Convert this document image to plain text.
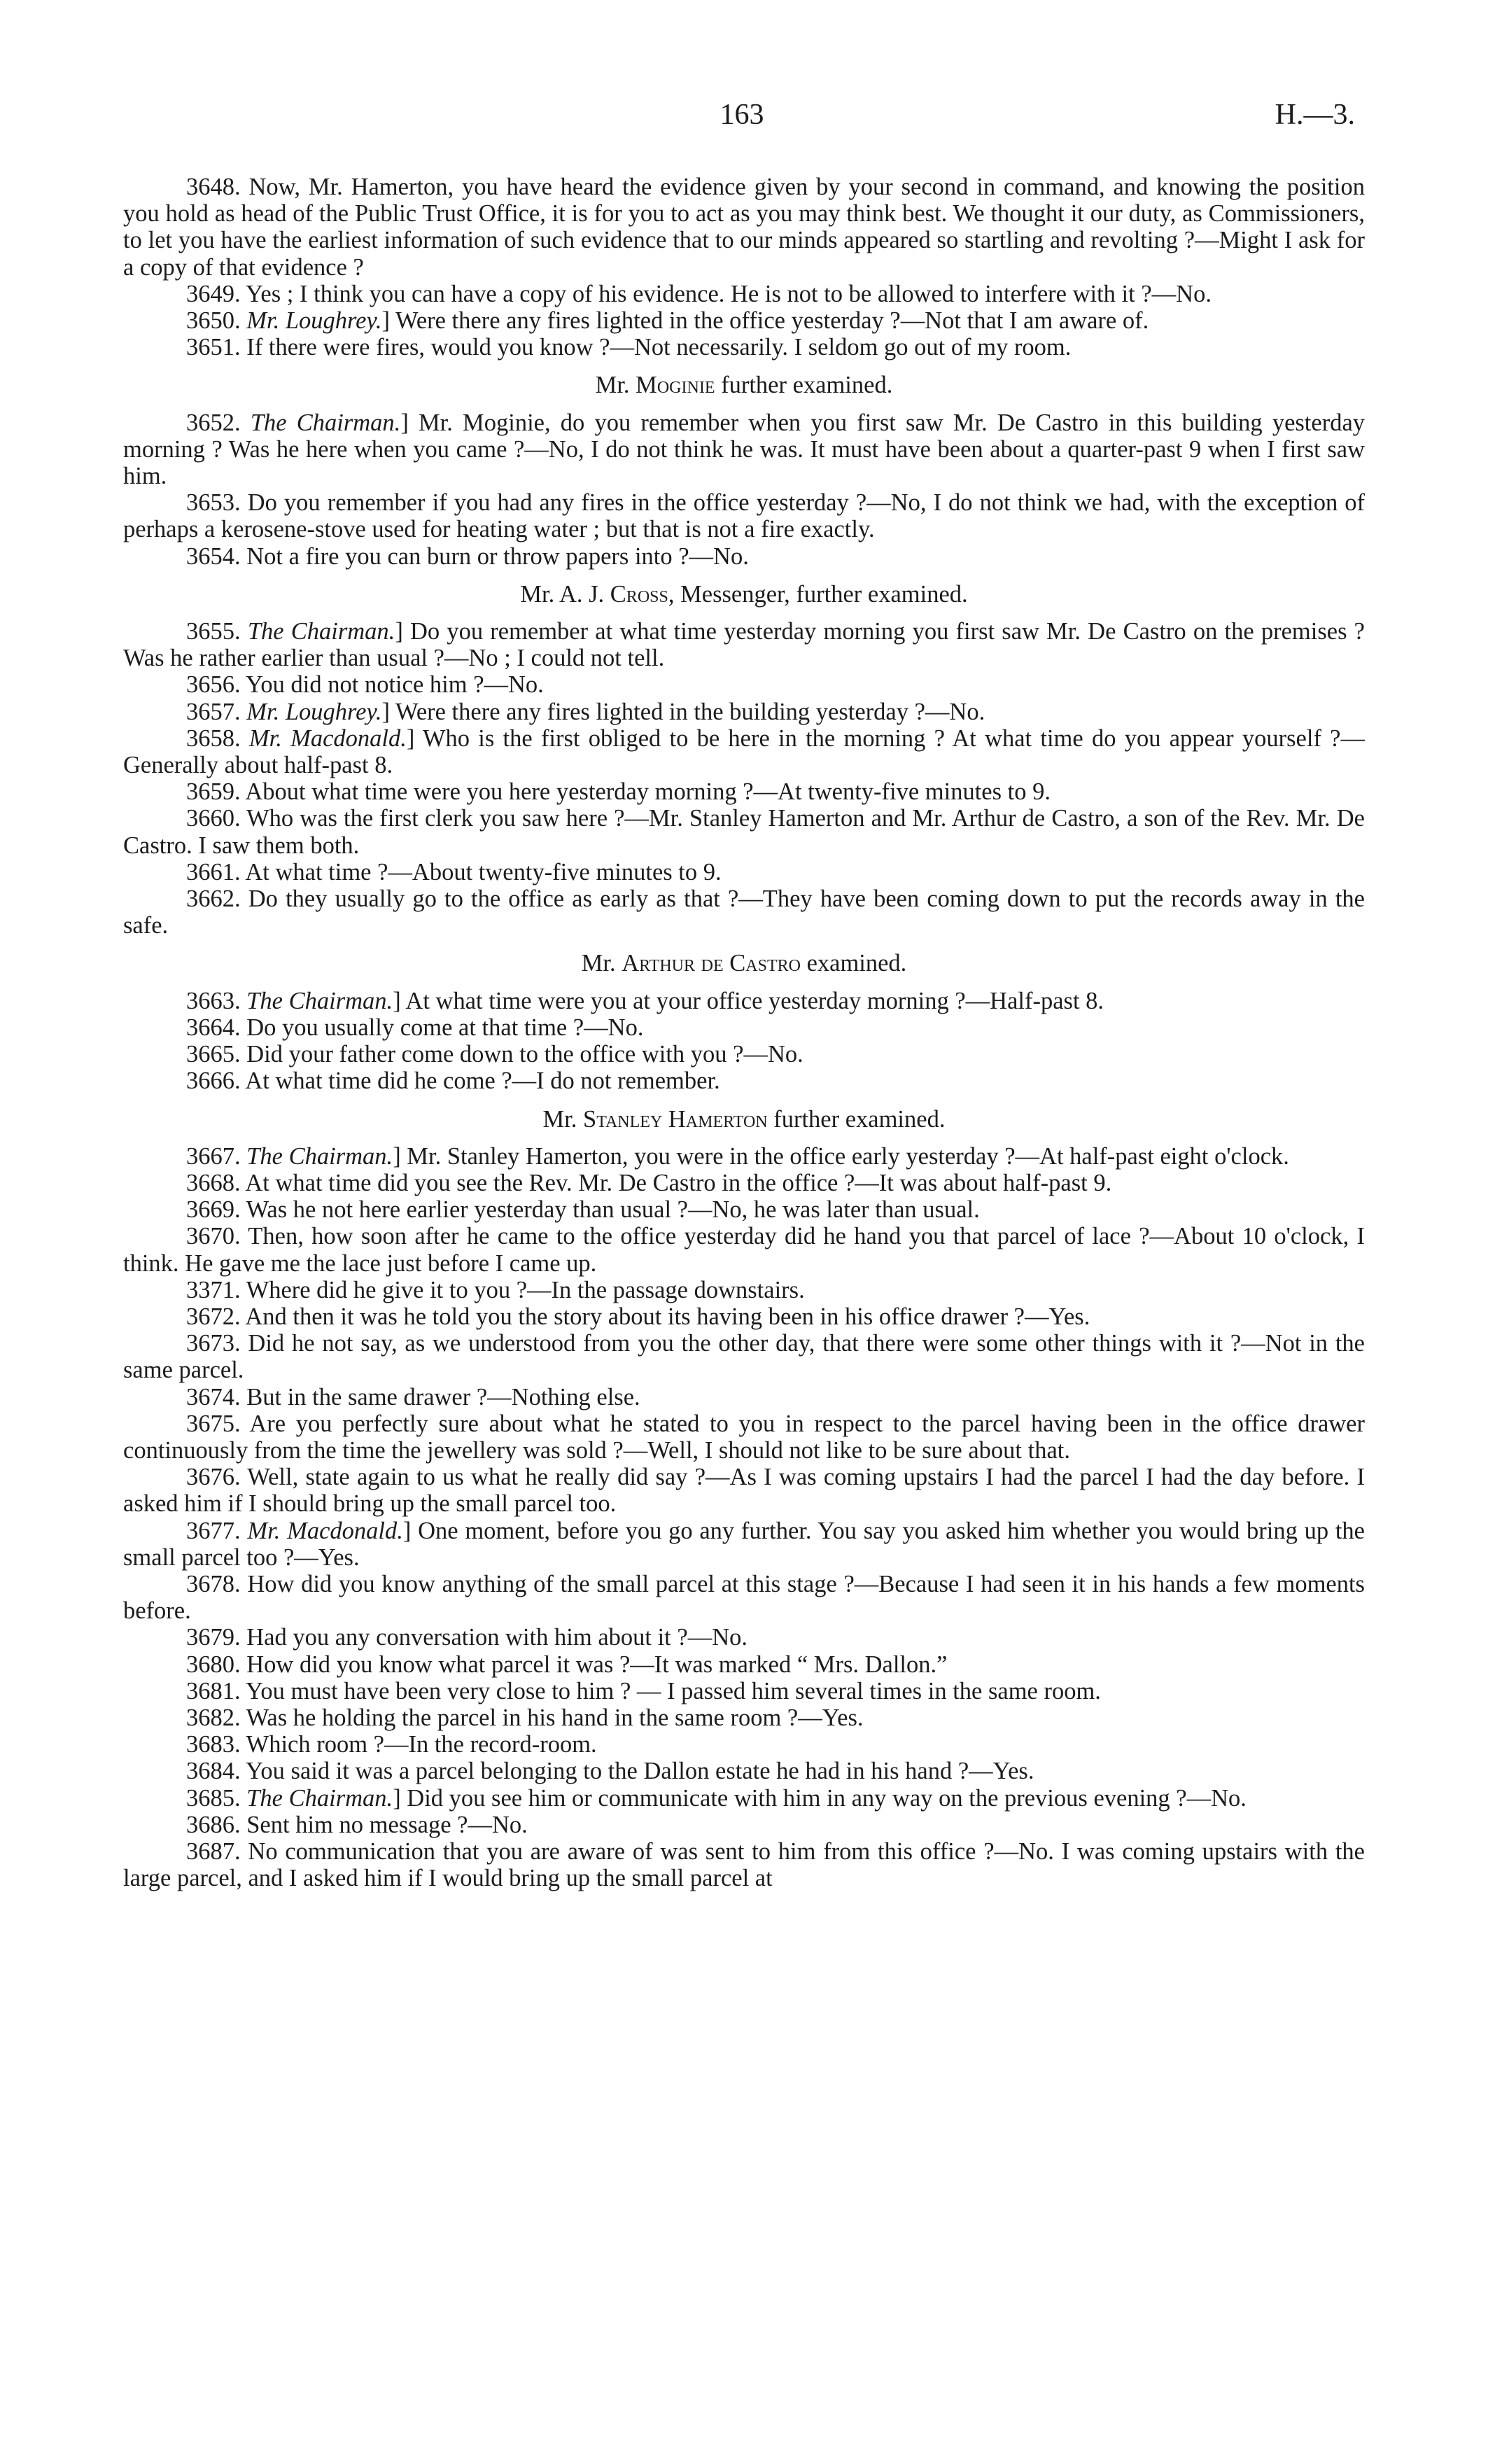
163	H.—3.

3648. Now, Mr. Hamerton, you have heard the evidence given by your second in command, and knowing the position you hold as head of the Public Trust Office, it is for you to act as you may think best. We thought it our duty, as Commissioners, to let you have the earliest information of such evidence that to our minds appeared so startling and revolting ?—Might I ask for a copy of that evidence ?

3649. Yes ; I think you can have a copy of his evidence. He is not to be allowed to interfere with it ?—No.

3650. Mr. Loughrey.] Were there any fires lighted in the office yesterday ?—Not that I am aware of.

3651. If there were fires, would you know ?—Not necessarily. I seldom go out of my room.

Mr. Moginie further examined.

3652. The Chairman.] Mr. Moginie, do you remember when you first saw Mr. De Castro in this building yesterday morning ? Was he here when you came ?—No, I do not think he was. It must have been about a quarter-past 9 when I first saw him.

3653. Do you remember if you had any fires in the office yesterday ?—No, I do not think we had, with the exception of perhaps a kerosene-stove used for heating water ; but that is not a fire exactly.

3654. Not a fire you can burn or throw papers into ?—No.

Mr. A. J. Cross, Messenger, further examined.

3655. The Chairman.] Do you remember at what time yesterday morning you first saw Mr. De Castro on the premises ? Was he rather earlier than usual ?—No ; I could not tell.

3656. You did not notice him ?—No.

3657. Mr. Loughrey.] Were there any fires lighted in the building yesterday ?—No.

3658. Mr. Macdonald.] Who is the first obliged to be here in the morning ? At what time do you appear yourself ?—Generally about half-past 8.

3659. About what time were you here yesterday morning ?—At twenty-five minutes to 9.

3660. Who was the first clerk you saw here ?—Mr. Stanley Hamerton and Mr. Arthur de Castro, a son of the Rev. Mr. De Castro. I saw them both.

3661. At what time ?—About twenty-five minutes to 9.

3662. Do they usually go to the office as early as that ?—They have been coming down to put the records away in the safe.

Mr. Arthur de Castro examined.

3663. The Chairman.] At what time were you at your office yesterday morning ?—Half-past 8.

3664. Do you usually come at that time ?—No.

3665. Did your father come down to the office with you ?—No.

3666. At what time did he come ?—I do not remember.

Mr. Stanley Hamerton further examined.

3667. The Chairman.] Mr. Stanley Hamerton, you were in the office early yesterday ?—At half-past eight o'clock.

3668. At what time did you see the Rev. Mr. De Castro in the office ?—It was about half-past 9.

3669. Was he not here earlier yesterday than usual ?—No, he was later than usual.

3670. Then, how soon after he came to the office yesterday did he hand you that parcel of lace ?—About 10 o'clock, I think. He gave me the lace just before I came up.

3371. Where did he give it to you ?—In the passage downstairs.

3672. And then it was he told you the story about its having been in his office drawer ?—Yes.

3673. Did he not say, as we understood from you the other day, that there were some other things with it ?—Not in the same parcel.

3674. But in the same drawer ?—Nothing else.

3675. Are you perfectly sure about what he stated to you in respect to the parcel having been in the office drawer continuously from the time the jewellery was sold ?—Well, I should not like to be sure about that.

3676. Well, state again to us what he really did say ?—As I was coming upstairs I had the parcel I had the day before. I asked him if I should bring up the small parcel too.

3677. Mr. Macdonald.] One moment, before you go any further. You say you asked him whether you would bring up the small parcel too ?—Yes.

3678. How did you know anything of the small parcel at this stage ?—Because I had seen it in his hands a few moments before.

3679. Had you any conversation with him about it ?—No.

3680. How did you know what parcel it was ?—It was marked “ Mrs. Dallon.”

3681. You must have been very close to him ? — I passed him several times in the same room.

3682. Was he holding the parcel in his hand in the same room ?—Yes.

3683. Which room ?—In the record-room.

3684. You said it was a parcel belonging to the Dallon estate he had in his hand ?—Yes.

3685. The Chairman.] Did you see him or communicate with him in any way on the previous evening ?—No.

3686. Sent him no message ?—No.

3687. No communication that you are aware of was sent to him from this office ?—No. I was coming upstairs with the large parcel, and I asked him if I would bring up the small parcel at
